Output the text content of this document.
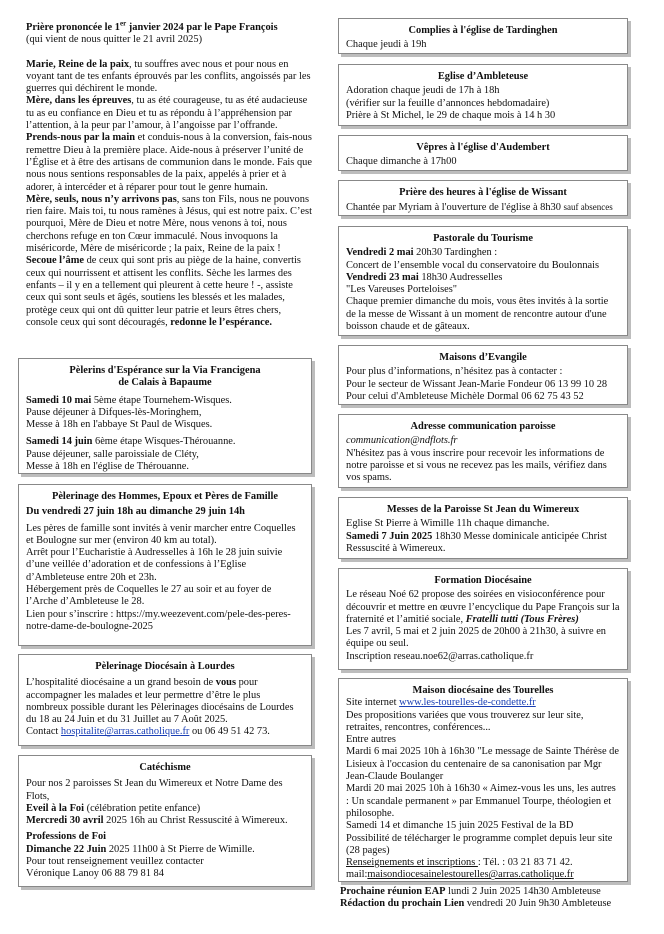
Prière prononcée le 1er janvier 2024 par le Pape François

(qui vient de nous quitter le 21 avril 2025)

Marie, Reine de la paix, tu souffres avec nous et pour nous en voyant tant de tes enfants éprouvés par les conflits, angoissés par les guerres qui déchirent le monde.

Mère, dans les épreuves, tu as été courageuse, tu as été audacieuse tu as eu confiance en Dieu et tu as répondu à l’appréhension par l’attention, à la peur par l’amour, à l’angoisse par l’offrande.

Prends-nous par la main et conduis-nous à la conversion, fais-nous remettre Dieu à la première place. Aide-nous à préserver l’unité de l’Église et à être des artisans de communion dans le monde. Fais que nous nous sentions responsables de la paix, appelés à prier et à adorer, à intercéder et à réparer pour tout le genre humain.

Mère, seuls, nous n’y arrivons pas, sans ton Fils, nous ne pouvons rien faire. Mais toi, tu nous ramènes à Jésus, qui est notre paix. C’est pourquoi, Mère de Dieu et notre Mère, nous venons à toi, nous cherchons refuge en ton Cœur immaculé. Nous invoquons la miséricorde, Mère de miséricorde ; la paix, Reine de la paix !

Secoue l’âme de ceux qui sont pris au piège de la haine, convertis ceux qui nourrissent et attisent les conflits. Sèche les larmes des enfants – il y en a tellement qui pleurent à cette heure ! -, assiste ceux qui sont seuls et âgés, soutiens les blessés et les malades, protège ceux qui ont dû quitter leur patrie et leurs êtres chers, console ceux qui sont découragés, redonne le l’espérance.

Pèlerins d'Espérance sur la Via Francigena

de Calais à Bapaume

Samedi 10 mai 5ème étape Tournehem-Wisques.

Pause déjeuner à Difques-lès-Moringhem,

Messe à 18h en l'abbaye St Paul de Wisques.

Samedi 14 juin 6ème étape Wisques-Thérouanne.

Pause déjeuner, salle paroissiale de Cléty,

Messe à 18h en l'église de Thérouanne.

Pèlerinage des Hommes, Epoux et Pères de Famille

Du vendredi 27 juin 18h au dimanche 29 juin 14h

Les pères de famille sont invités à venir marcher entre Coquelles et Boulogne sur mer (environ 40 km au total).

Arrêt pour l’Eucharistie à Audresselles à 16h le 28 juin suivie d’une veillée d’adoration et de confessions à l’Eglise d’Ambleteuse entre 20h et 23h.

Hébergement près de Coquelles le 27 au soir et au foyer de l’Arche d’Ambleteuse le 28.

Lien pour s’inscrire : https://my.weezevent.com/pele-des-peres-notre-dame-de-boulogne-2025

Pèlerinage Diocésain à Lourdes

L’hospitalité diocésaine a un grand besoin de vous pour accompagner les malades et leur permettre d’être le plus nombreux possible durant les Pèlerinages diocésains de Lourdes du 18 au 24 Juin et du 31 Juillet au 7 Août 2025.

Contact hospitalite@arras.catholique.fr ou 06 49 51 42 73.

Catéchisme

Pour nos 2 paroisses St Jean du Wimereux et Notre Dame des Flots,

Eveil à la Foi (célébration petite enfance)

Mercredi 30 avril 2025 16h au Christ Ressuscité à Wimereux.

Professions de Foi

Dimanche 22 Juin 2025 11h00 à St Pierre de Wimille.

Pour tout renseignement veuillez contacter

Véronique Lanoy 06 88 79 81 84

Complies à l'église de Tardinghen

Chaque jeudi à 19h

Eglise d’Ambleteuse

Adoration chaque jeudi de 17h à 18h

(vérifier sur la feuille d’annonces hebdomadaire)

Prière à St Michel, le 29 de chaque mois à 14 h 30

Vêpres à l'église d'Audembert

Chaque dimanche à 17h00

Prière des heures à l'église de Wissant

Chantée par Myriam à l'ouverture de l'église à 8h30 sauf absences

Pastorale du Tourisme

Vendredi 2 mai 20h30 Tardinghen :

Concert de l’ensemble vocal du conservatoire du Boulonnais

Vendredi 23 mai 18h30 Audresselles

"Les Vareuses Porteloises"

Chaque premier dimanche du mois, vous êtes invités à la sortie de la messe de Wissant à un moment de rencontre autour d'une boisson chaude et de gâteaux.

Maisons d’Evangile

Pour plus d’informations, n’hésitez pas à contacter :

Pour le secteur de Wissant Jean-Marie Fondeur 06 13 99 10 28

Pour celui d'Ambleteuse Michèle Dormal 06 62 75 43 52

Adresse communication paroisse

communication@ndflots.fr

N'hésitez pas à vous inscrire pour recevoir les informations de notre paroisse et si vous ne recevez pas les mails, vérifiez dans vos spams.

Messes de la Paroisse St Jean du Wimereux

Eglise St Pierre à Wimille 11h chaque dimanche.

Samedi 7 Juin 2025 18h30 Messe dominicale anticipée Christ Ressuscité à Wimereux.

Formation Diocésaine

Le réseau Noé 62 propose des soirées en visioconférence pour découvrir et mettre en œuvre l’encyclique du Pape François sur la fraternité et l’amitié sociale, Fratelli tutti (Tous Frères)

Les 7 avril, 5 mai et 2 juin 2025 de 20h00 à 21h30, à suivre en équipe ou seul.

Inscription reseau.noe62@arras.catholique.fr

Maison diocésaine des Tourelles

Site internet www.les-tourelles-de-condette.fr

Des propositions variées que vous trouverez sur leur site, retraites, rencontres, conférences...

Entre autres

Mardi 6 mai 2025 10h à 16h30 "Le message de Sainte Thérèse de Lisieux à l'occasion du centenaire de sa canonisation par Mgr Jean-Claude Boulanger

Mardi 20 mai 2025 10h à 16h30 « Aimez-vous les uns, les autres : Un scandale permanent » par Emmanuel Tourpe, théologien et philosophe.

Samedi 14 et dimanche 15 juin 2025 Festival de la BD

Possibilité de télécharger le programme complet depuis leur site (28 pages)

Renseignements et inscriptions : Tél. : 03 21 83 71 42.

mail:maisondiocesainelestourelles@arras.catholique.fr

Prochaine réunion EAP lundi 2 Juin 2025 14h30 Ambleteuse

Rédaction du prochain Lien vendredi 20 Juin 9h30 Ambleteuse
